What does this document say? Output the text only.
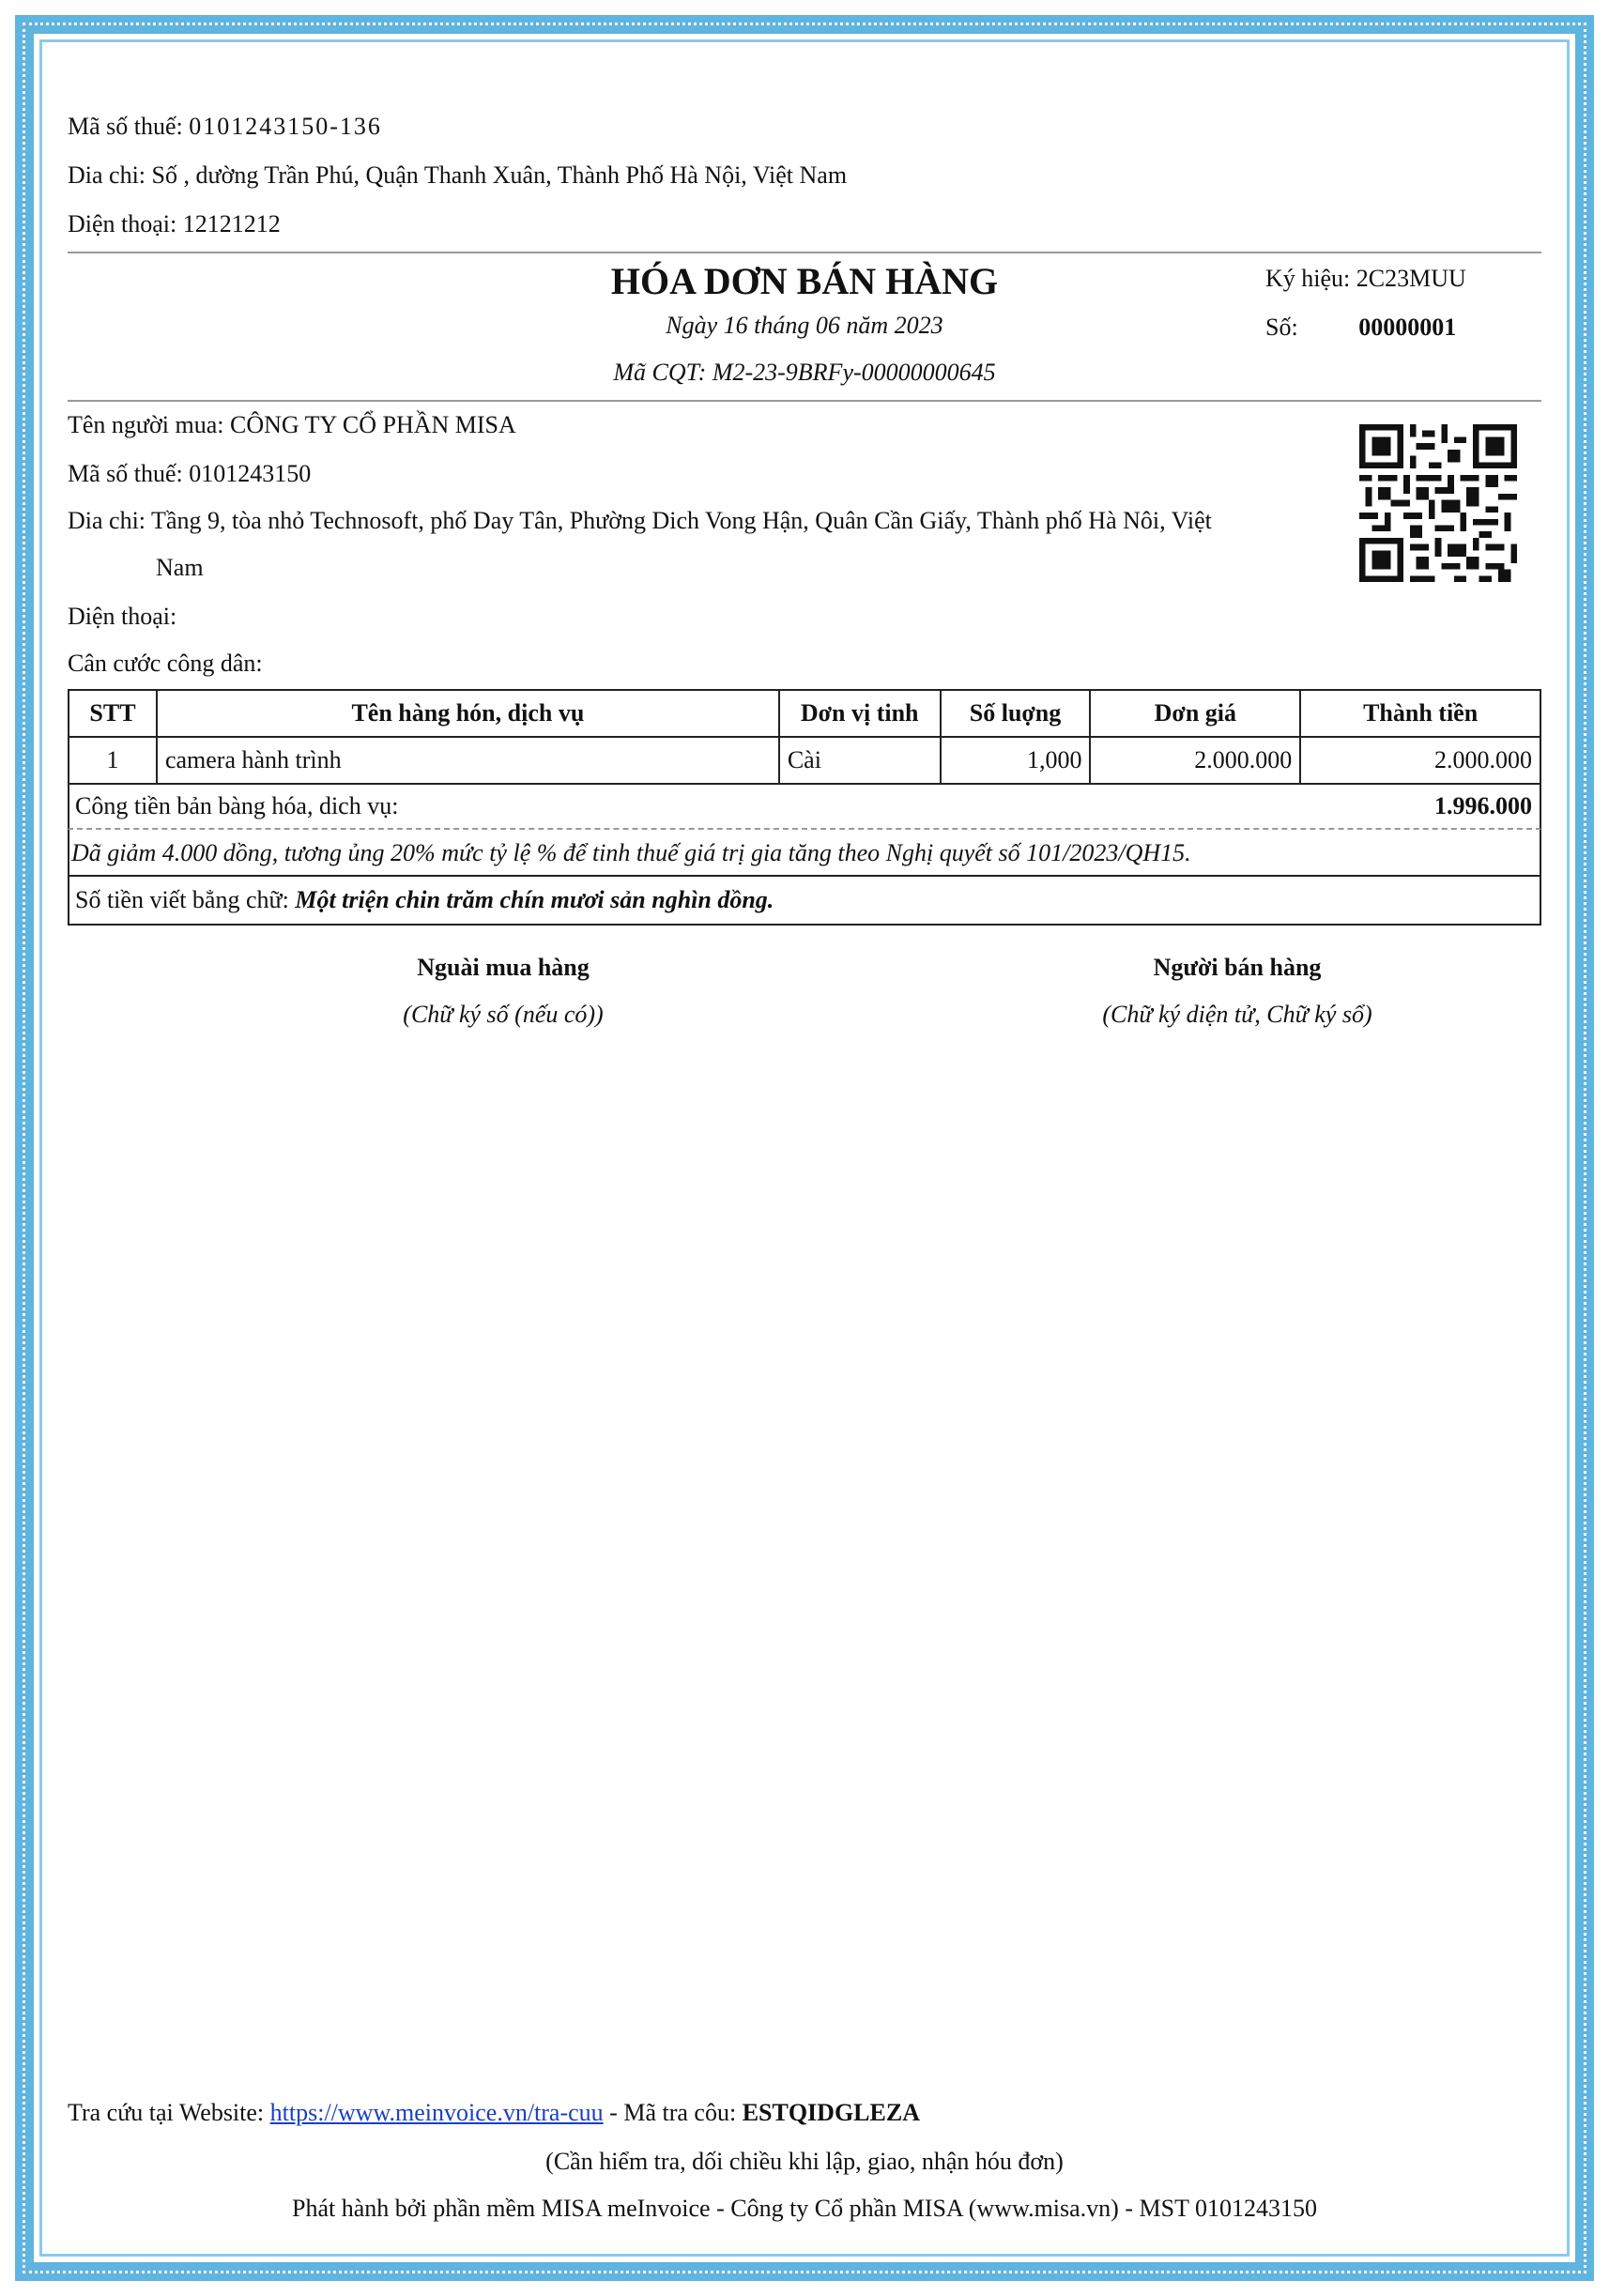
Mã số thuế: 0101243150-136
Dia chi: Số , dường Trần Phú, Quận Thanh Xuân, Thành Phố Hà Nội, Việt Nam
Diện thoại: 12121212
HÓA DƠN BÁN HÀNG
Ngày 16 tháng 06 năm 2023
Mã CQT: M2-23-9BRFy-00000000645
Ký hiệu: 2C23MUU
Số: 00000001
Tên người mua: CÔNG TY CỔ PHẦN MISA
Mã số thuế: 0101243150
Dia chi: Tầng 9, tòa nhỏ Technosoft, phố Day Tân, Phường Dich Vong Hận, Quân Cần Giấy, Thành phố Hà Nôi, Việt
Nam
Diện thoại:
Cân cước công dân:
STT	Tên hàng hón, dịch vụ	Dơn vị tinh	Số luợng	Dơn giá	Thành tiền
1	camera hành trình	Cài	1,000	2.000.000	2.000.000
Công tiền bản bàng hóa, dich vụ:	1.996.000
Dã giảm 4.000 dồng, tương ủng 20% mức tỷ lệ % để tinh thuế giá trị gia tăng theo Nghị quyết số 101/2023/QH15.
Số tiền viết bẳng chữ: Một triện chin trăm chín mươi sản nghìn dồng.
Nguài mua hàng
(Chữ ký số (nếu có))
Người bán hàng
(Chữ ký diện tử, Chữ ký sổ)
Tra cứu tại Website: https://www.meinvoice.vn/tra-cuu - Mã tra côu: ESTQIDGLEZA
(Cần hiểm tra, dối chiều khi lập, giao, nhận hóu đơn)
Phát hành bởi phần mềm MISA meInvoice - Công ty Cổ phần MISA (www.misa.vn) - MST 0101243150
